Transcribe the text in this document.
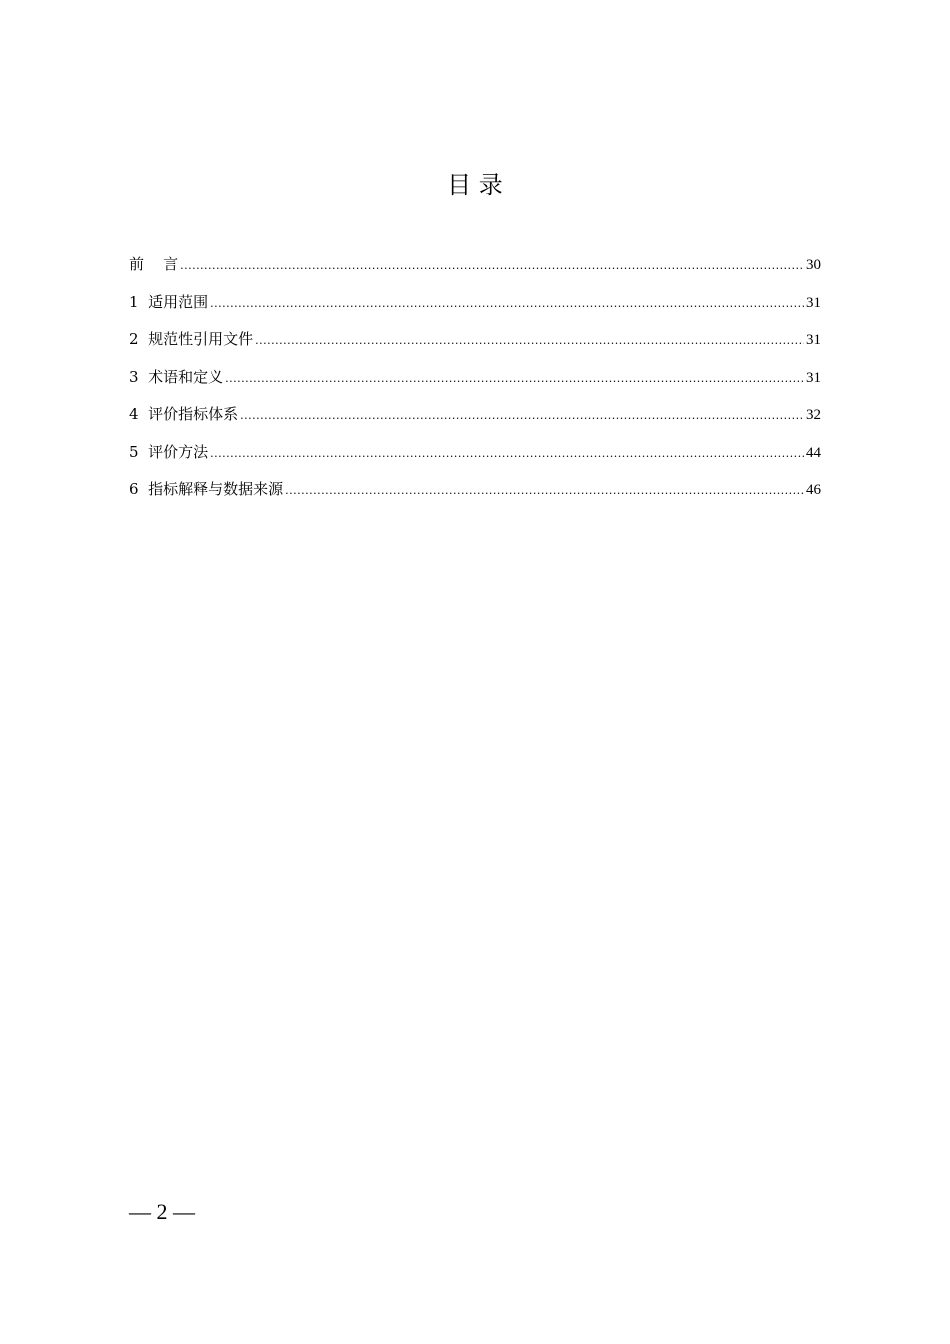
目 录
前    言 .....	30
1 适用范围 .....	31
2 规范性引用文件 .....	31
3 术语和定义 .....	31
4 评价指标体系 .....	32
5 评价方法 .....	44
6 指标解释与数据来源 .....	46
— 2 —
